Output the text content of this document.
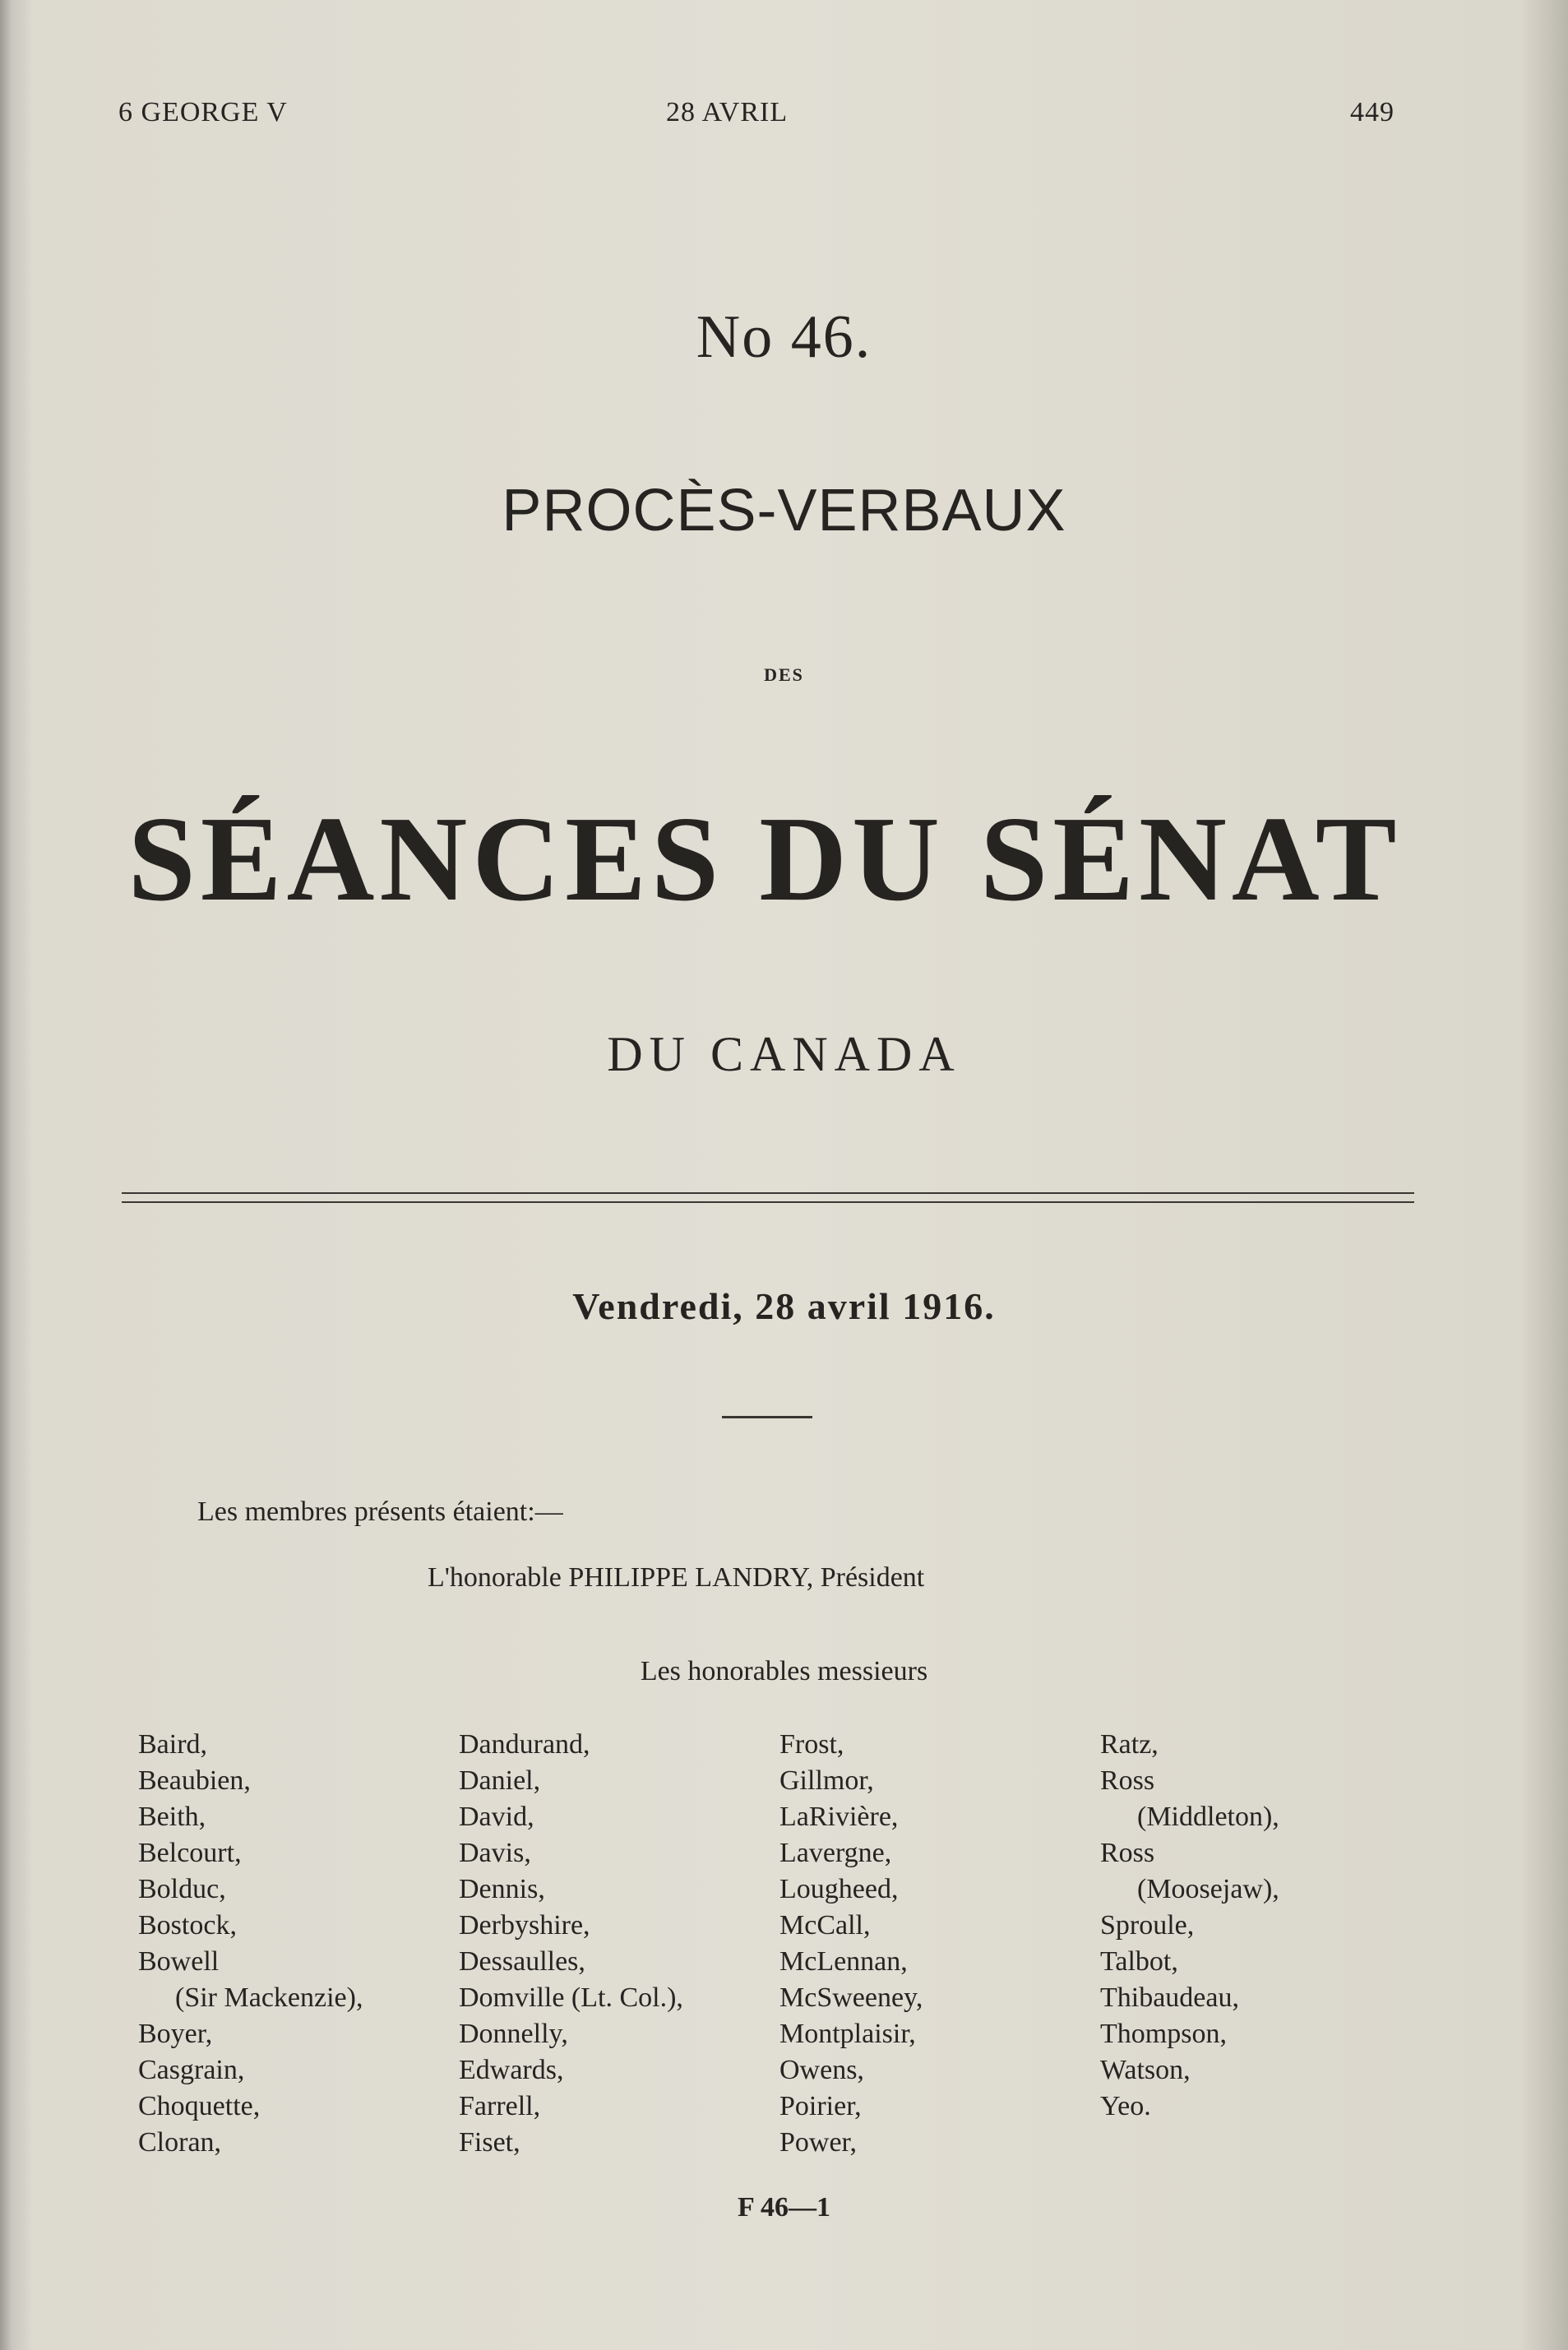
6 GEORGE V	28 AVRIL	449
No 46.
PROCÈS-VERBAUX
DES
SÉANCES DU SÉNAT
DU CANADA
Vendredi, 28 avril 1916.
Les membres présents étaient:—
L'honorable PHILIPPE LANDRY, Président
Les honorables messieurs
Baird,
Beaubien,
Beith,
Belcourt,
Bolduc,
Bostock,
Bowell
(Sir Mackenzie),
Boyer,
Casgrain,
Choquette,
Cloran,
Dandurand,
Daniel,
David,
Davis,
Dennis,
Derbyshire,
Dessaulles,
Domville (Lt. Col.),
Donnelly,
Edwards,
Farrell,
Fiset,
Frost,
Gillmor,
LaRivière,
Lavergne,
Lougheed,
McCall,
McLennan,
McSweeney,
Montplaisir,
Owens,
Poirier,
Power,
Ratz,
Ross
(Middleton),
Ross
(Moosejaw),
Sproule,
Talbot,
Thibaudeau,
Thompson,
Watson,
Yeo.
F 46—1
